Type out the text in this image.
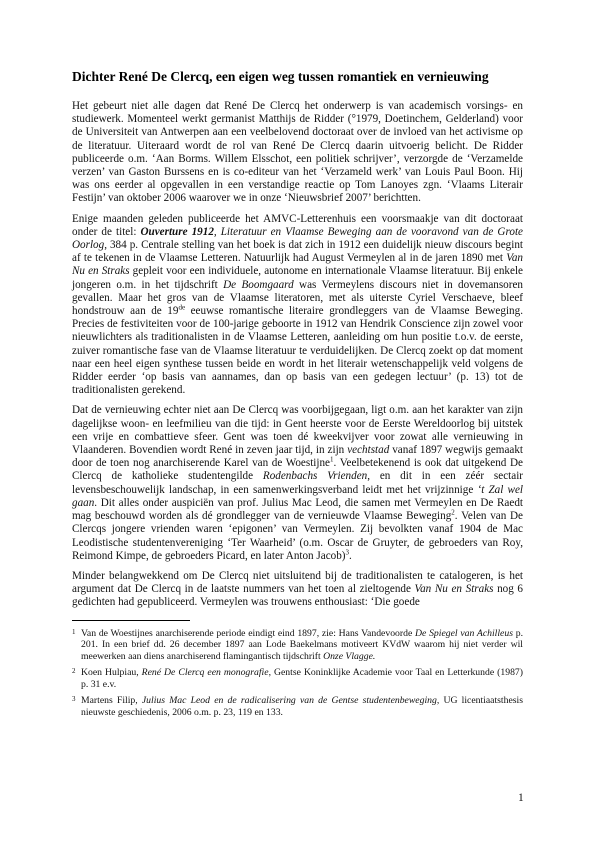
Dichter René De Clercq, een eigen weg tussen romantiek en vernieuwing

Het gebeurt niet alle dagen dat René De Clercq het onderwerp is van academisch vorsings- en studiewerk. Momenteel werkt germanist Matthijs de Ridder (°1979, Doetinchem, Gelderland) voor de Universiteit van Antwerpen aan een veelbelovend doctoraat over de invloed van het activisme op de literatuur. Uiteraard wordt de rol van René De Clercq daarin uitvoerig belicht. De Ridder publiceerde o.m. ‘Aan Borms. Willem Elsschot, een politiek schrijver’, verzorgde de ‘Verzamelde verzen’ van Gaston Burssens en is co-editeur van het ‘Verzameld werk’ van Louis Paul Boon. Hij was ons eerder al opgevallen in een verstandige reactie op Tom Lanoyes zgn. ‘Vlaams Literair Festijn’ van oktober 2006 waarover we in onze ‘Nieuwsbrief 2007’ berichtten.

Enige maanden geleden publiceerde het AMVC-Letterenhuis een voorsmaakje van dit doctoraat onder de titel: Ouverture 1912, Literatuur en Vlaamse Beweging aan de vooravond van de Grote Oorlog, 384 p. Centrale stelling van het boek is dat zich in 1912 een duidelijk nieuw discours begint af te tekenen in de Vlaamse Letteren. Natuurlijk had August Vermeylen al in de jaren 1890 met Van Nu en Straks gepleit voor een individuele, autonome en internationale Vlaamse literatuur. Bij enkele jongeren o.m. in het tijdschrift De Boomgaard was Vermeylens discours niet in dovemansoren gevallen. Maar het gros van de Vlaamse literatoren, met als uiterste Cyriel Verschaeve, bleef hondstrouw aan de 19de eeuwse romantische literaire grondleggers van de Vlaamse Beweging. Precies de festiviteiten voor de 100-jarige geboorte in 1912 van Hendrik Conscience zijn zowel voor nieuwlichters als traditionalisten in de Vlaamse Letteren, aanleiding om hun positie t.o.v. de eerste, zuiver romantische fase van de Vlaamse literatuur te verduidelijken. De Clercq zoekt op dat moment naar een heel eigen synthese tussen beide en wordt in het literair wetenschappelijk veld volgens de Ridder eerder ‘op basis van aannames, dan op basis van een gedegen lectuur’ (p. 13) tot de traditionalisten gerekend.

Dat de vernieuwing echter niet aan De Clercq was voorbijgegaan, ligt o.m. aan het karakter van zijn dagelijkse woon- en leefmilieu van die tijd: in Gent heerste voor de Eerste Wereldoorlog bij uitstek een vrije en combattieve sfeer. Gent was toen dé kweekvijver voor zowat alle vernieuwing in Vlaanderen. Bovendien wordt René in zeven jaar tijd, in zijn vechtstad vanaf 1897 wegwijs gemaakt door de toen nog anarchiserende Karel van de Woestijne$^1$. Veelbetekenend is ook dat uitgekend De Clercq de katholieke studentengilde Rodenbachs Vrienden, en dit in een zéér sectair levensbeschouwelijk landschap, in een samenwerkingsverband leidt met het vrijzinnige ‘t Zal wel gaan. Dit alles onder auspiciën van prof. Julius Mac Leod, die samen met Vermeylen en De Raedt mag beschouwd worden als dé grondlegger van de vernieuwde Vlaamse Beweging$^2$. Velen van De Clercqs jongere vrienden waren ‘epigonen’ van Vermeylen. Zij bevolkten vanaf 1904 de Mac Leodistische studentenvereniging ‘Ter Waarheid’ (o.m. Oscar de Gruyter, de gebroeders van Roy, Reimond Kimpe, de gebroeders Picard, en later Anton Jacob)$^3$.

Minder belangwekkend om De Clercq niet uitsluitend bij de traditionalisten te catalogeren, is het argument dat De Clercq in de laatste nummers van het toen al zieltogende Van Nu en Straks nog 6 gedichten had gepubliceerd. Vermeylen was trouwens enthousiast: ‘Die goede

1 Van de Woestijnes anarchiserende periode eindigt eind 1897, zie: Hans Vandevoorde De Spiegel van Achilleus p. 201. In een brief dd. 26 december 1897 aan Lode Baekelmans motiveert KVdW waarom hij niet verder wil meewerken aan diens anarchiserend flamingantisch tijdschrift Onze Vlagge.
2 Koen Hulpiau, René De Clercq een monografie, Gentse Koninklijke Academie voor Taal en Letterkunde (1987) p. 31 e.v.
3 Martens Filip, Julius Mac Leod en de radicalisering van de Gentse studentenbeweging, UG licentiaatsthesis nieuwste geschiedenis, 2006 o.m. p. 23, 119 en 133.
1
